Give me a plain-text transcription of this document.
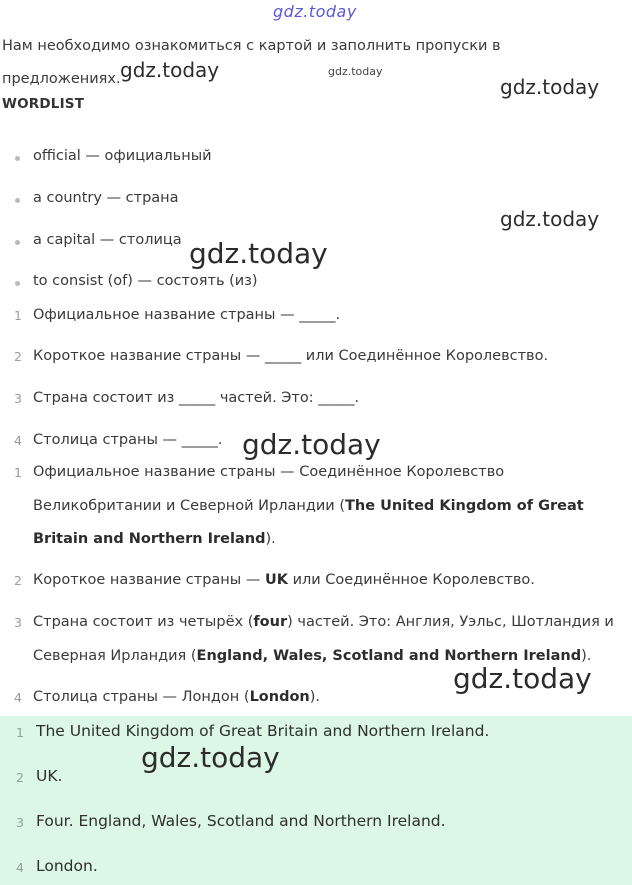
Нам необходимо ознакомиться с картой и заполнить пропуски в предложениях.
WORDLIST
official — официальный
a country — страна
a capital — столица
to consist (of) — состоять (из)
1 Официальное название страны — _____.
2 Короткое название страны — _____ или Соединённое Королевство.
3 Страна состоит из _____ частей. Это: _____.
4 Столица страны — _____.
1 Официальное название страны — Соединённое Королевство Великобритании и Северной Ирландии (The United Kingdom of Great Britain and Northern Ireland).
2 Короткое название страны — UK или Соединённое Королевство.
3 Страна состоит из четырёх (four) частей. Это: Англия, Уэльс, Шотландия и Северная Ирландия (England, Wales, Scotland and Northern Ireland).
4 Столица страны — Лондон (London).
1 The United Kingdom of Great Britain and Northern Ireland.
2 UK.
3 Four. England, Wales, Scotland and Northern Ireland.
4 London.
gdz.today
gdz.today	gdz.today
gdz.today
gdz.today
gdz.today
gdz.today
gdz.today
gdz.today
